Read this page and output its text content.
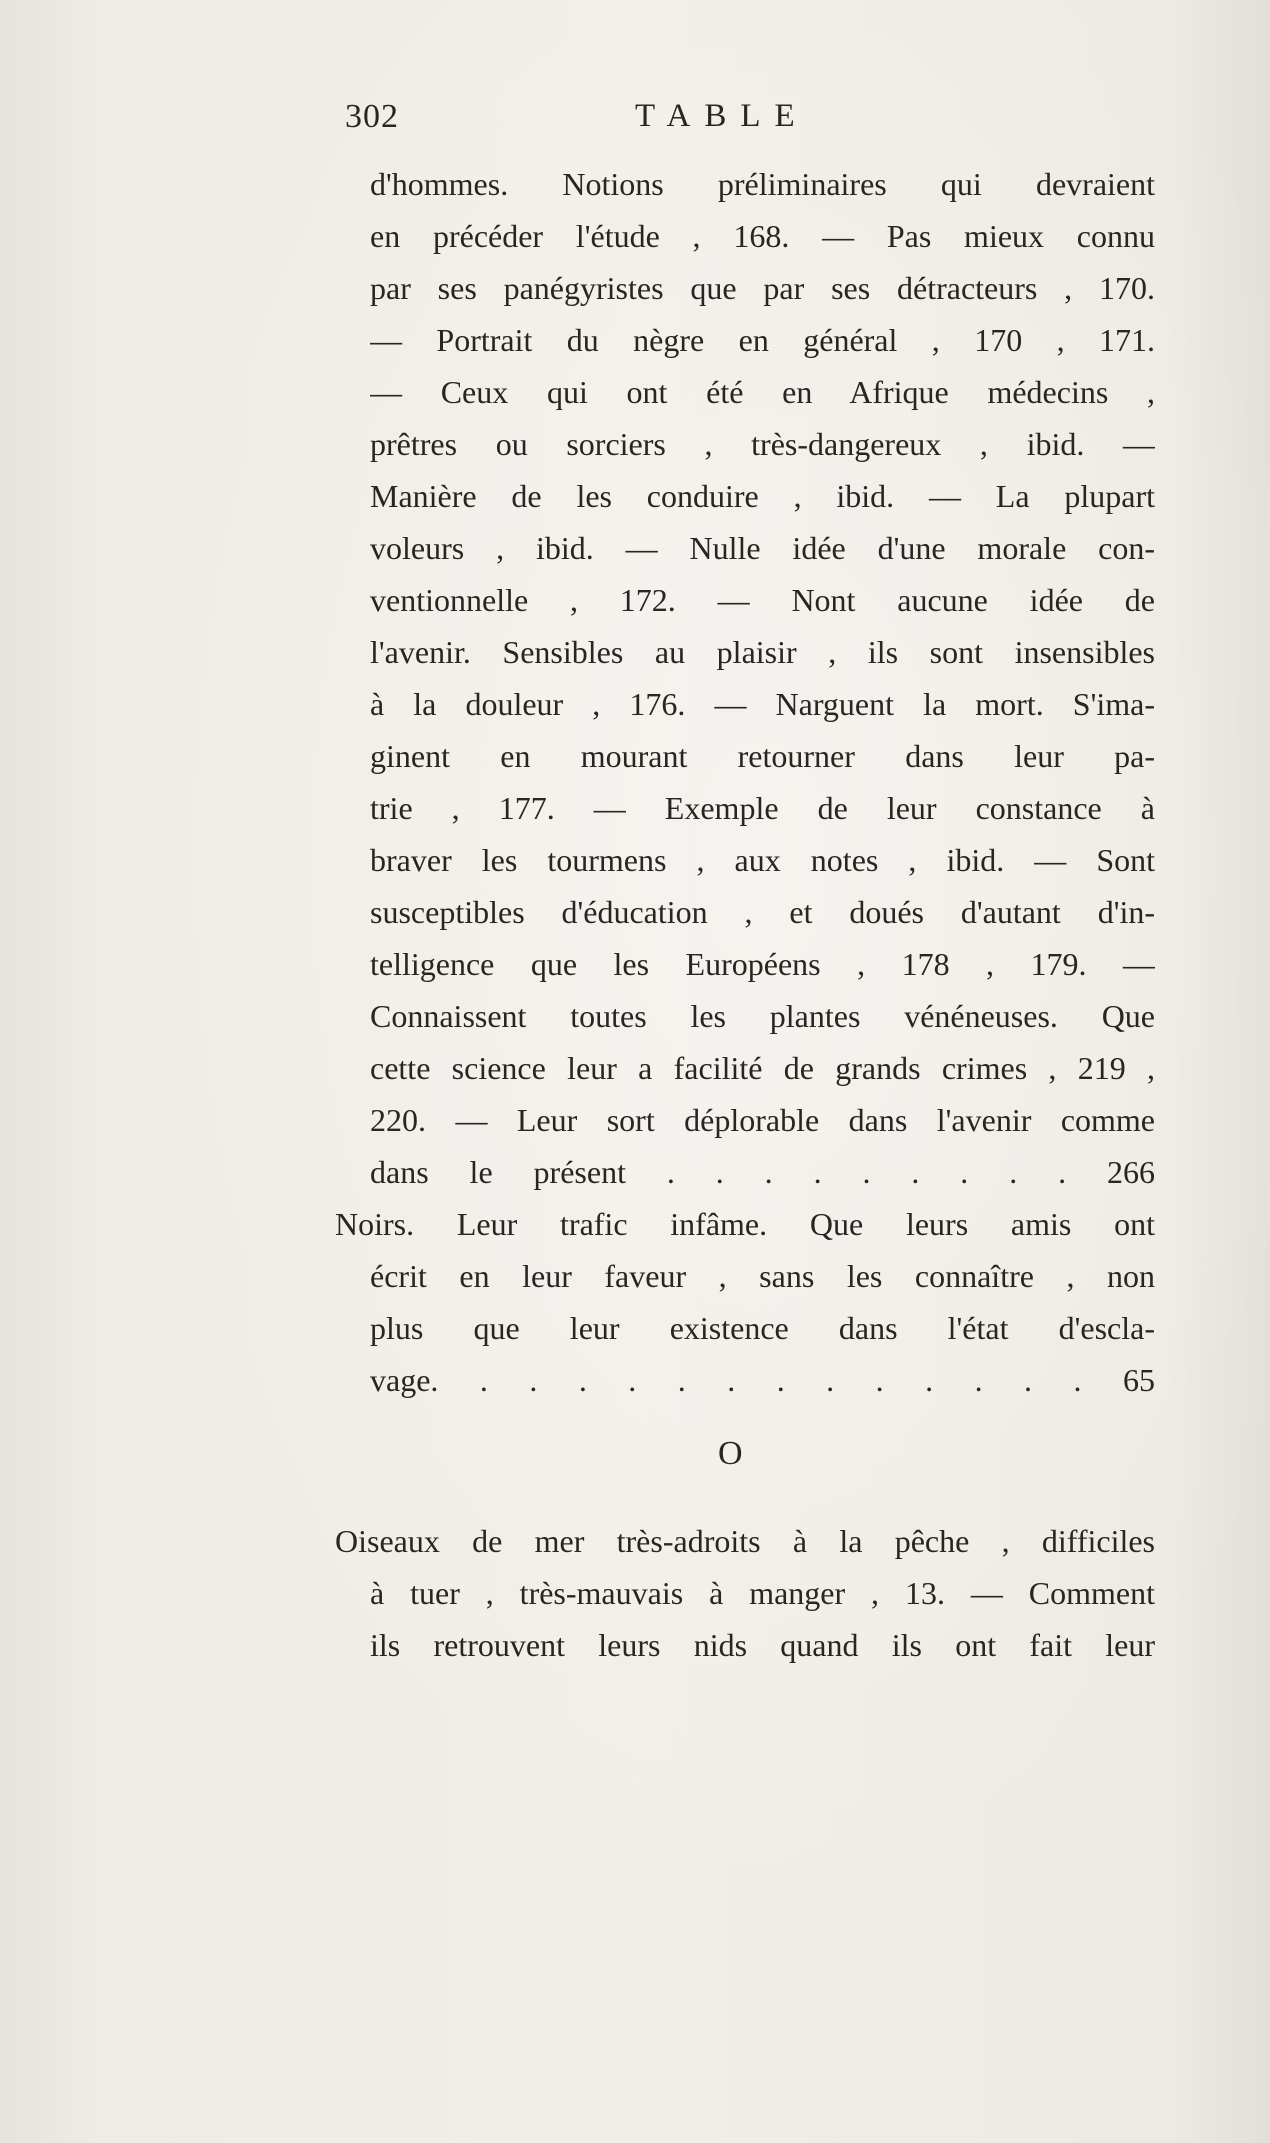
302	TABLE
d'hommes. Notions préliminaires qui devraient
en précéder l'étude , 168. — Pas mieux connu
par ses panégyristes que par ses détracteurs , 170.
— Portrait du nègre en général , 170 , 171.
— Ceux qui ont été en Afrique médecins ,
prêtres ou sorciers , très-dangereux , ibid. —
Manière de les conduire , ibid. — La plupart
voleurs , ibid. — Nulle idée d'une morale con-
ventionnelle , 172. — Nont aucune idée de
l'avenir. Sensibles au plaisir , ils sont insensibles
à la douleur , 176. — Narguent la mort. S'ima-
ginent en mourant retourner dans leur pa-
trie , 177. — Exemple de leur constance à
braver les tourmens , aux notes , ibid. — Sont
susceptibles d'éducation , et doués d'autant d'in-
telligence que les Européens , 178 , 179. —
Connaissent toutes les plantes vénéneuses. Que
cette science leur a facilité de grands crimes , 219 ,
220. — Leur sort déplorable dans l'avenir comme
dans le présent . . . . . . . . . 266
Noirs. Leur trafic infâme. Que leurs amis ont
écrit en leur faveur , sans les connaître , non
plus que leur existence dans l'état d'escla-
vage. . . . . . . . . . . . . . 65
O
Oiseaux de mer très-adroits à la pêche , difficiles
à tuer , très-mauvais à manger , 13. — Comment
ils retrouvent leurs nids quand ils ont fait leur
